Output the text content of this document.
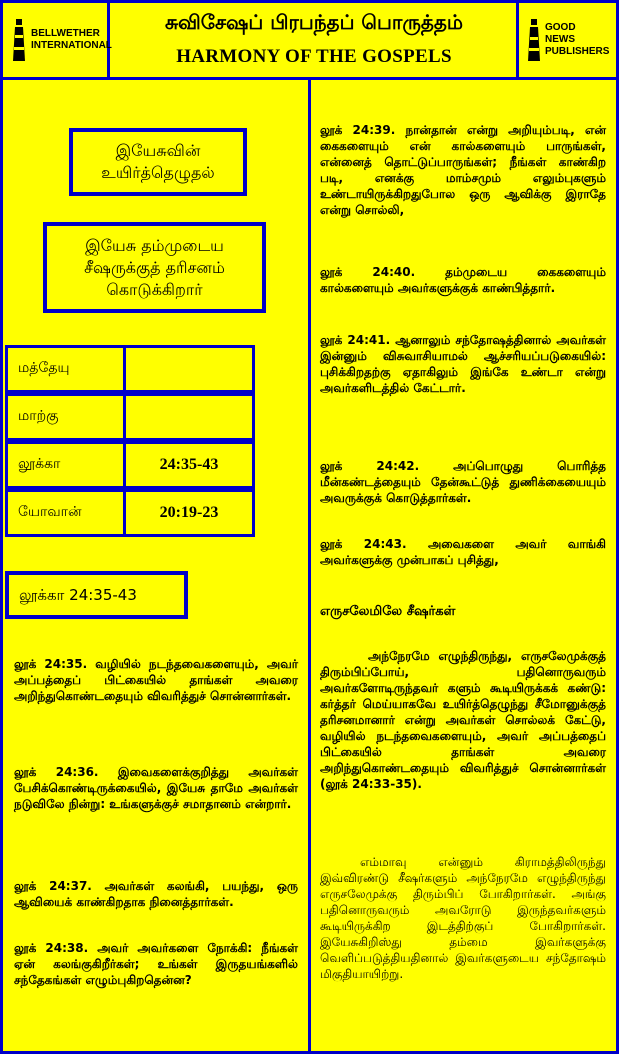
BELLWETHER INTERNATIONAL
சுவிசேஷப் பிரபந்தப் பொருத்தம்
HARMONY OF THE GOSPELS
GOOD NEWS PUBLISHERS
இயேசுவின் உயிர்த்தெழுதல்
இயேசு தம்முடைய சீஷருக்குத் தரிசனம் கொடுக்கிறார்
மத்தேயு
மாற்கு
லூக்கா	24:35-43
யோவான்	20:19-23
லூக்கா 24:35-43
லூக் 24:35. வழியில் நடந்தவைகளையும், அவர் அப்பத்தைப் பிட்கையில் தாங்கள் அவரை அறிந்துகொண்டதையும் விவரித்துச் சொன்னார்கள்.
லூக் 24:36. இவைகளைக்குறித்து அவர்கள் பேசிக்கொண்டிருக்கையில், இயேசு தாமே அவர்கள் நடுவிலே நின்று: உங்களுக்குச் சமாதானம் என்றார்.
லூக் 24:37. அவர்கள் கலங்கி, பயந்து, ஒரு ஆவியைக் காண்கிறதாக நினைத்தார்கள்.
லூக் 24:38. அவர் அவர்களை நோக்கி: நீங்கள் ஏன் கலங்குகிறீர்கள்; உங்கள் இருதயங்களில் சந்தேகங்கள் எழும்புகிறதென்ன?
லூக் 24:39. நான்தான் என்று அறியும்படி, என் கைகளையும் என் கால்களையும் பாருங்கள், என்னைத் தொட்டுப்பாருங்கள்; நீங்கள் காண்கிற படி, எனக்கு மாம்சமும் எலும்புகளும் உண்டாயிருக்கிறதுபோல ஒரு ஆவிக்கு இராதே என்று சொல்லி,
லூக் 24:40. தம்முடைய கைகளையும் கால்களையும் அவர்களுக்குக் காண்பித்தார்.
லூக் 24:41. ஆனாலும் சந்தோஷத்தினால் அவர்கள் இன்னும் விசுவாசியாமல் ஆச்சரியப்படுகையில்: புசிக்கிறதற்கு ஏதாகிலும் இங்கே உண்டா என்று அவர்களிடத்தில் கேட்டார்.
லூக் 24:42. அப்பொழுது பொரித்த மீன்கண்டத்தையும் தேன்கூட்டுத் துணிக்கையையும் அவருக்குக் கொடுத்தார்கள்.
லூக் 24:43. அவைகளை அவர் வாங்கி அவர்களுக்கு முன்பாகப் புசித்து,
எருசலேமிலே சீஷர்கள்
அந்நேரமே எழுந்திருந்து, எருசலேமுக்குத் திரும்பிப்போய், பதினொருவரும் அவர்களோடிருந்தவர் களும் கூடியிருக்கக் கண்டு: கர்த்தர் மெய்யாகவே உயிர்த்தெழுந்து சீமோனுக்குத் தரிசனமானார் என்று அவர்கள் சொல்லக் கேட்டு, வழியில் நடந்தவைகளையும், அவர் அப்பத்தைப் பிட்கையில் தாங்கள் அவரை அறிந்துகொண்டதையும் விவரித்துச் சொன்னார்கள் (லூக் 24:33-35).
எம்மாவு என்னும் கிராமத்திலிருந்து இவ்விரண்டு சீஷர்களும் அந்நேரமே எழுந்திருந்து எருசலேமுக்கு திரும்பிப் போகிறார்கள். அங்கு பதினொருவரும் அவரோடு இருந்தவர்களும் கூடியிருக்கிற இடத்திற்குப் போகிறார்கள். இயேசுகிறிஸ்து தம்மை இவர்களுக்கு வெளிப்படுத்தியதினால் இவர்களுடைய சந்தோஷம் மிகுதியாயிற்று.
